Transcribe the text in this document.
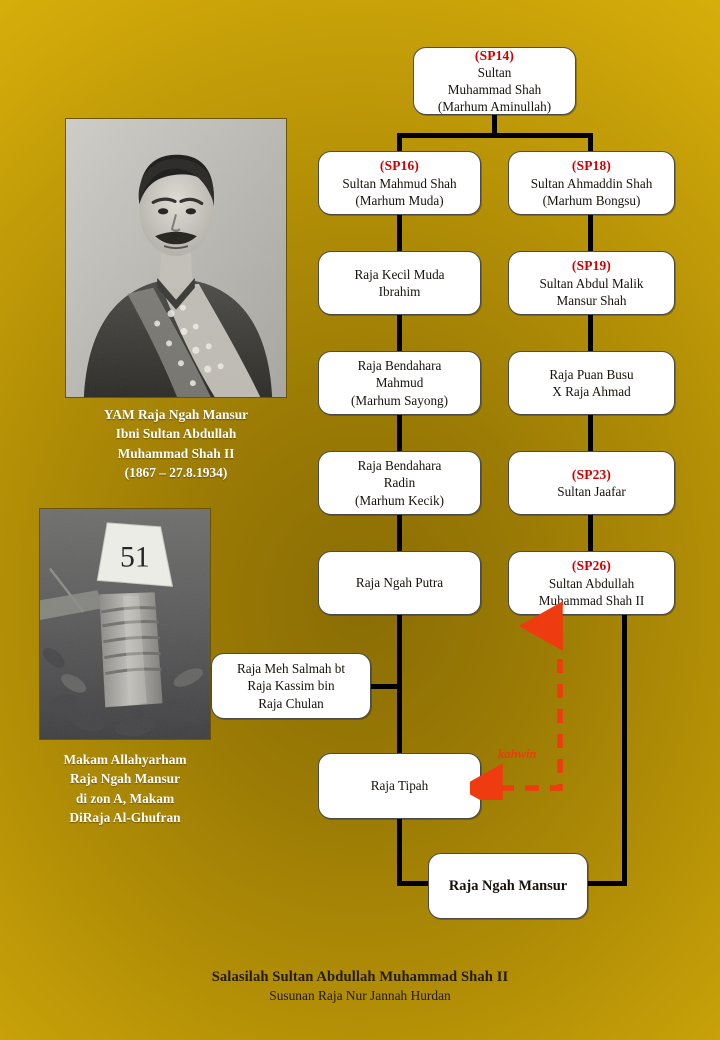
(SP14)
Sultan
Muhammad Shah
(Marhum Aminullah)
(SP16)
Sultan Mahmud Shah
(Marhum Muda)
(SP18)
Sultan Ahmaddin Shah
(Marhum Bongsu)
Raja Kecil Muda
Ibrahim
(SP19)
Sultan Abdul Malik
Mansur Shah
Raja Bendahara
Mahmud
(Marhum Sayong)
Raja Puan Busu
X Raja Ahmad
Raja Bendahara
Radin
(Marhum Kecik)
(SP23)
Sultan Jaafar
Raja Ngah Putra
(SP26)
Sultan Abdullah
Muhammad Shah II
Raja Meh Salmah bt
Raja Kassim bin
Raja Chulan
Raja Tipah
Raja Ngah Mansur
kahwin
YAM Raja Ngah Mansur
Ibni Sultan Abdullah
Muhammad Shah II
(1867 – 27.8.1934)
Makam Allahyarham
Raja Ngah Mansur
di zon A, Makam
DiRaja Al-Ghufran
Salasilah Sultan Abdullah Muhammad Shah II
Susunan Raja Nur Jannah Hurdan
